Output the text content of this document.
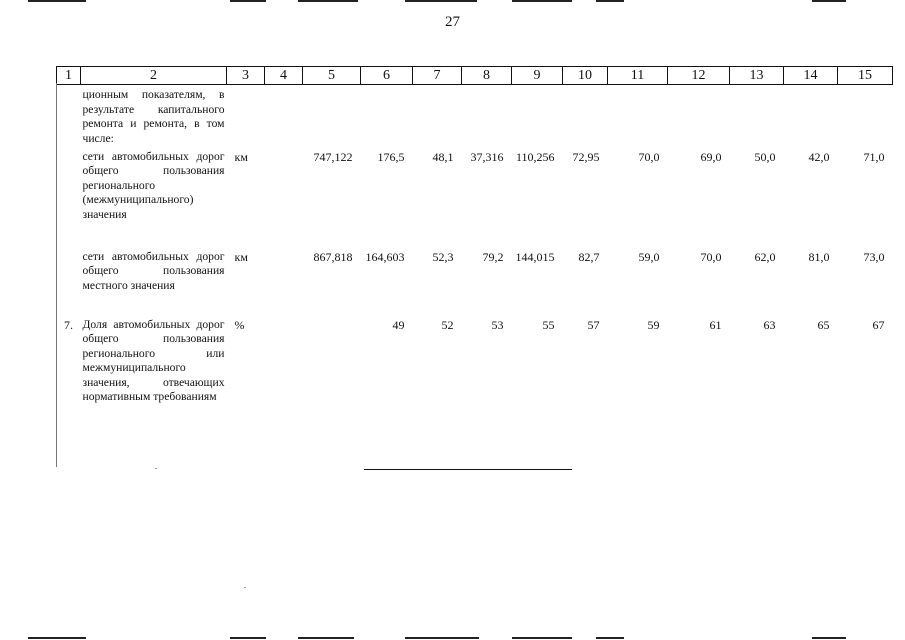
27
1	2	3	4	5	6	7	8	9	10	11	12	13	14	15

	ционным показателям, в результате капитального ремонта и ремонта, в том числе:													

	сети автомобильных дорог общего пользования регионального (межмуниципального) значения	км		747,122	176,5	48,1	37,316	110,256	72,95	70,0	69,0	50,0	42,0	71,0

	сети автомобильных дорог общего пользования местного значения	км		867,818	164,603	52,3	79,2	144,015	82,7	59,0	70,0	62,0	81,0	73,0
7.	Доля автомобильных дорог общего пользования регионального или межмуниципального значения, отвечающих нормативным требованиям	%			49	52	53	55	57	59	61	63	65	67
